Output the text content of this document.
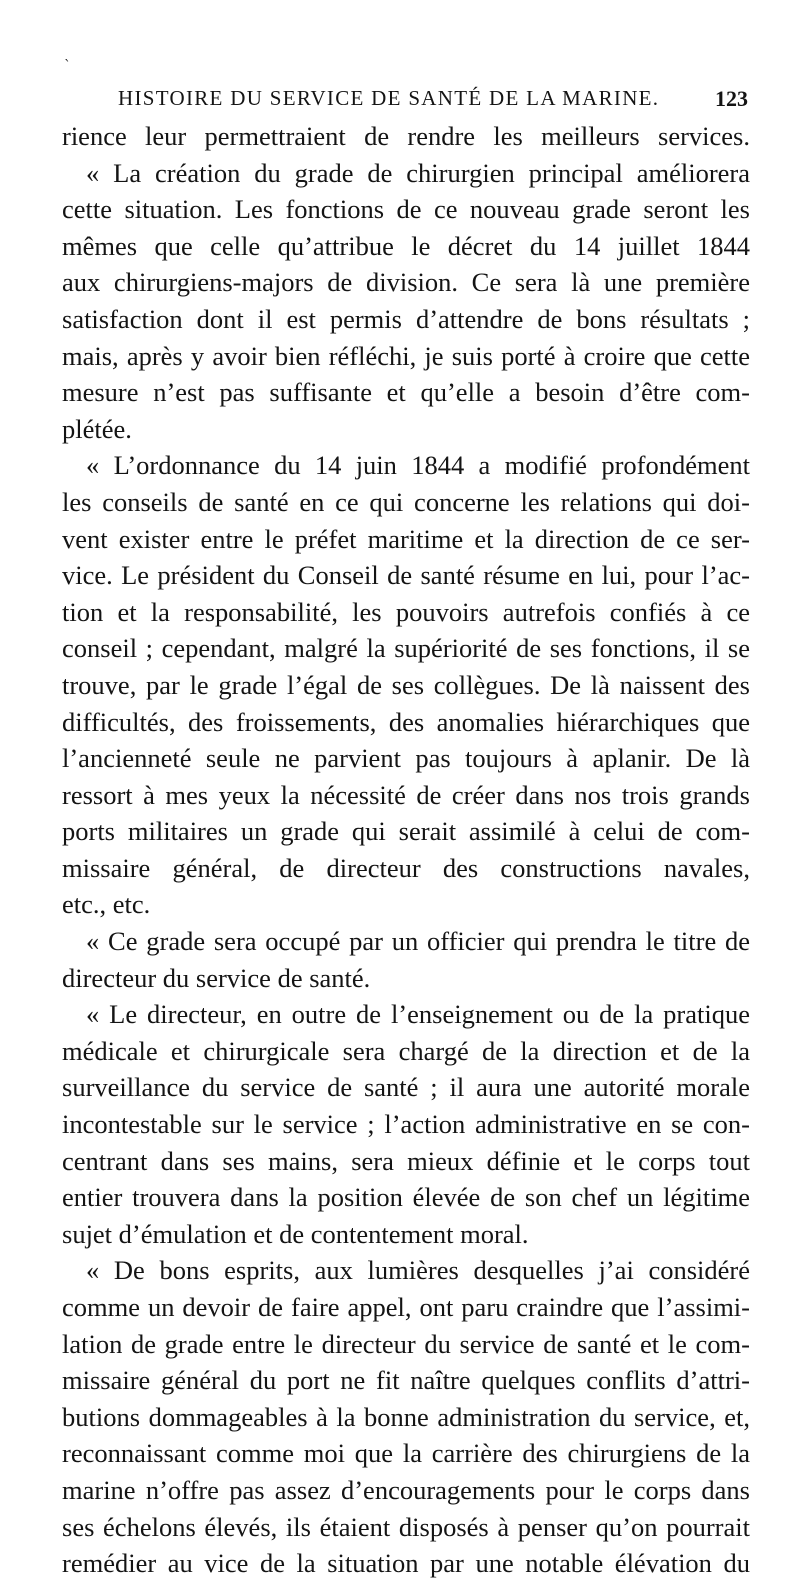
`
HISTOIRE DU SERVICE DE SANTÉ DE LA MARINE.	123
rience leur permettraient de rendre les meilleurs services.
« La création du grade de chirurgien principal améliorera
cette situation. Les fonctions de ce nouveau grade seront les
mêmes que celle qu’attribue le décret du 14 juillet 1844
aux chirurgiens-majors de division. Ce sera là une première
satisfaction dont il est permis d’attendre de bons résultats ;
mais, après y avoir bien réfléchi, je suis porté à croire que cette
mesure n’est pas suffisante et qu’elle a besoin d’être com-
plétée.
« L’ordonnance du 14 juin 1844 a modifié profondément
les conseils de santé en ce qui concerne les relations qui doi-
vent exister entre le préfet maritime et la direction de ce ser-
vice. Le président du Conseil de santé résume en lui, pour l’ac-
tion et la responsabilité, les pouvoirs autrefois confiés à ce
conseil ; cependant, malgré la supériorité de ses fonctions, il se
trouve, par le grade l’égal de ses collègues. De là naissent des
difficultés, des froissements, des anomalies hiérarchiques que
l’ancienneté seule ne parvient pas toujours à aplanir. De là
ressort à mes yeux la nécessité de créer dans nos trois grands
ports militaires un grade qui serait assimilé à celui de com-
missaire général, de directeur des constructions navales,
etc., etc.
« Ce grade sera occupé par un officier qui prendra le titre de
directeur du service de santé.
« Le directeur, en outre de l’enseignement ou de la pratique
médicale et chirurgicale sera chargé de la direction et de la
surveillance du service de santé ; il aura une autorité morale
incontestable sur le service ; l’action administrative en se con-
centrant dans ses mains, sera mieux définie et le corps tout
entier trouvera dans la position élevée de son chef un légitime
sujet d’émulation et de contentement moral.
« De bons esprits, aux lumières desquelles j’ai considéré
comme un devoir de faire appel, ont paru craindre que l’assimi-
lation de grade entre le directeur du service de santé et le com-
missaire général du port ne fit naître quelques conflits d’attri-
butions dommageables à la bonne administration du service, et,
reconnaissant comme moi que la carrière des chirurgiens de la
marine n’offre pas assez d’encouragements pour le corps dans
ses échelons élevés, ils étaient disposés à penser qu’on pourrait
remédier au vice de la situation par une notable élévation du
